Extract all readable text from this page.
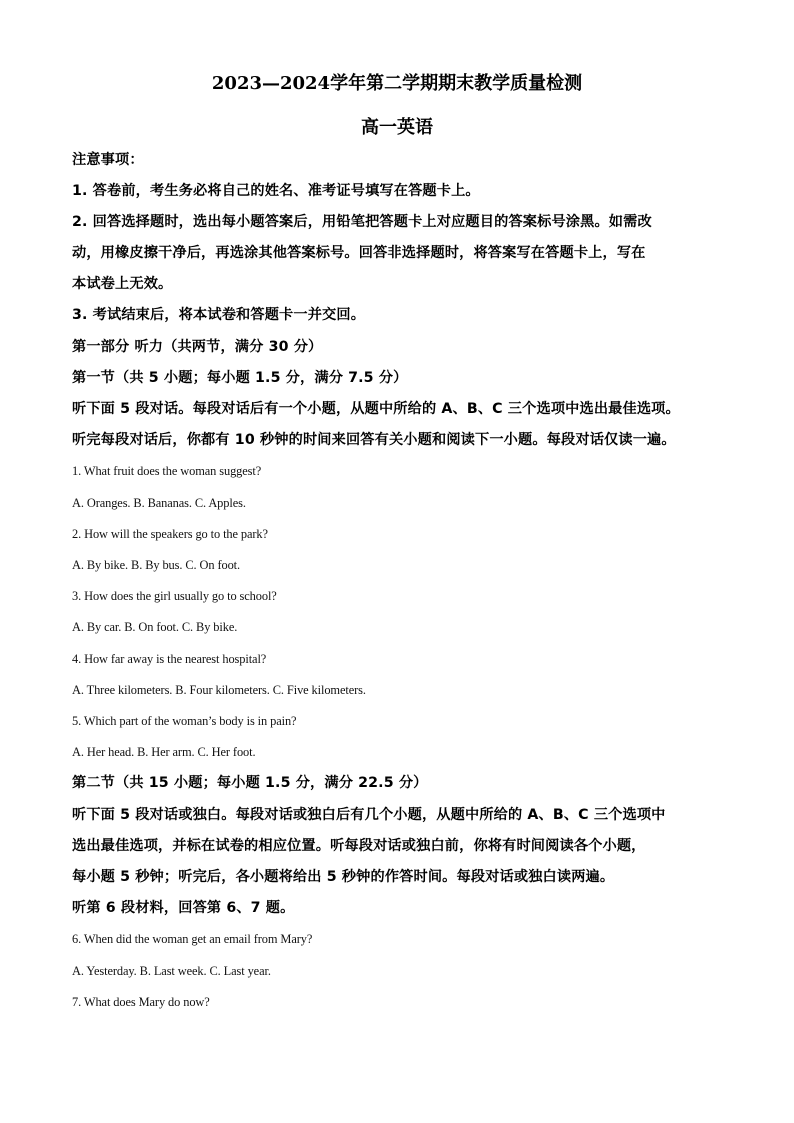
2023—2024学年第二学期期末教学质量检测
高一英语
注意事项：
1. 答卷前，考生务必将自己的姓名、准考证号填写在答题卡上。
2. 回答选择题时，选出每小题答案后，用铅笔把答题卡上对应题目的答案标号涂黑。如需改
动，用橡皮擦干净后，再选涂其他答案标号。回答非选择题时，将答案写在答题卡上，写在
本试卷上无效。
3. 考试结束后，将本试卷和答题卡一并交回。
第一部分 听力（共两节，满分 30 分）
第一节（共 5 小题；每小题 1.5 分，满分 7.5 分）
听下面 5 段对话。每段对话后有一个小题，从题中所给的 A、B、C 三个选项中选出最佳选项。
听完每段对话后，你都有 10 秒钟的时间来回答有关小题和阅读下一小题。每段对话仅读一遍。
1. What fruit does the woman suggest?
A. Oranges. B. Bananas. C. Apples.
2. How will the speakers go to the park?
A. By bike. B. By bus. C. On foot.
3. How does the girl usually go to school?
A. By car. B. On foot. C. By bike.
4. How far away is the nearest hospital?
A. Three kilometers. B. Four kilometers. C. Five kilometers.
5. Which part of the woman’s body is in pain?
A. Her head. B. Her arm. C. Her foot.
第二节（共 15 小题；每小题 1.5 分，满分 22.5 分）
听下面 5 段对话或独白。每段对话或独白后有几个小题，从题中所给的 A、B、C 三个选项中
选出最佳选项，并标在试卷的相应位置。听每段对话或独白前，你将有时间阅读各个小题，
每小题 5 秒钟；听完后，各小题将给出 5 秒钟的作答时间。每段对话或独白读两遍。
听第 6 段材料，回答第 6、7 题。
6. When did the woman get an email from Mary?
A. Yesterday. B. Last week. C. Last year.
7. What does Mary do now?
